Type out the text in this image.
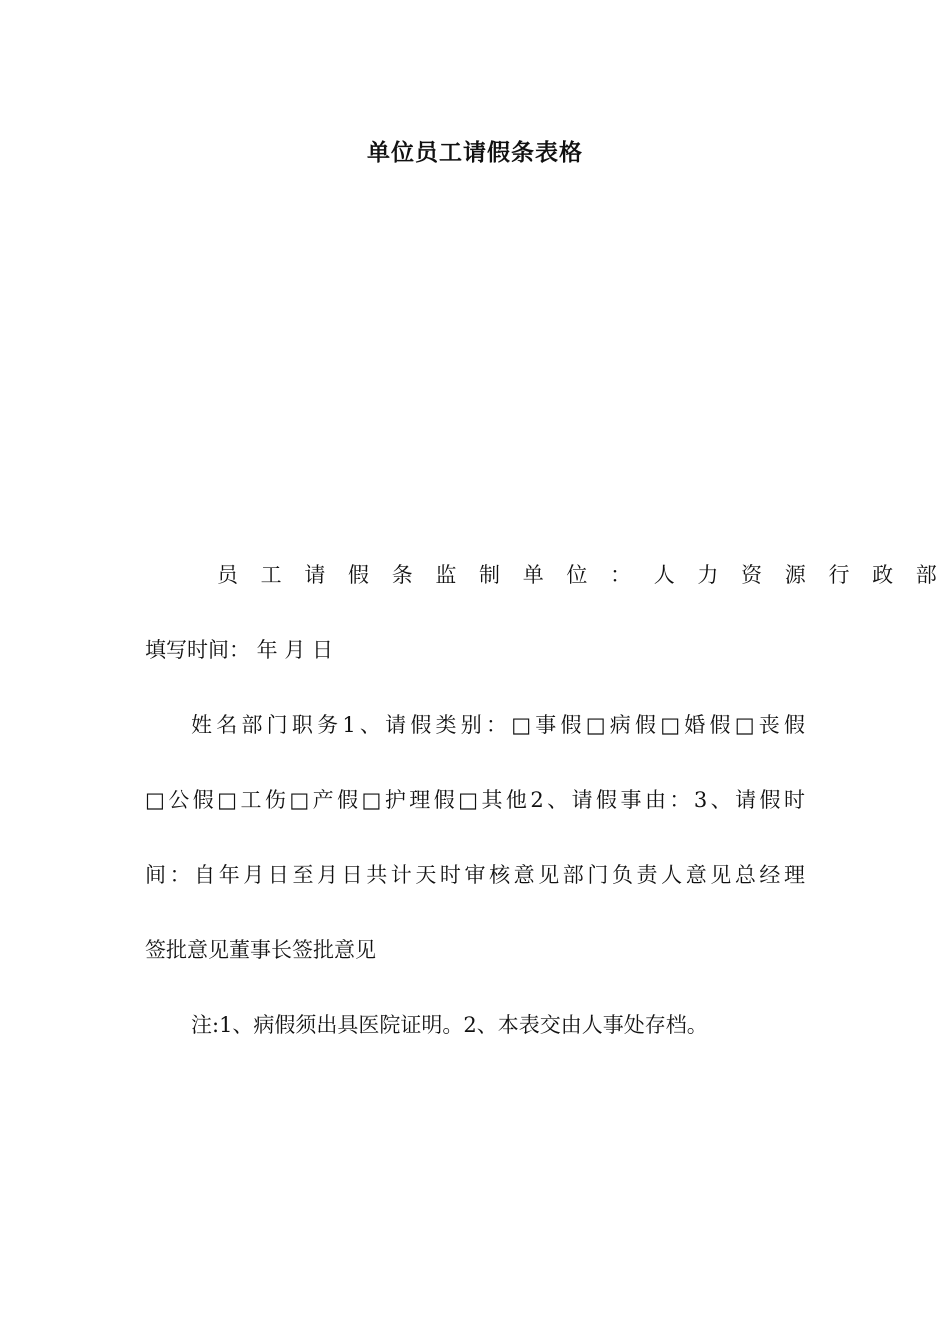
单位员工请假条表格
员 工 请 假 条 监 制 单 位 ： 人 力 资 源 行 政 部
填写时间： 年 月 日
姓名部门职务1、请假类别：□事假□病假□婚假□丧假
□公假□工伤□产假□护理假□其他2、请假事由：3、请假时
间：自年月日至月日共计天时审核意见部门负责人意见总经理
签批意见董事长签批意见
注:1、病假须出具医院证明。2、本表交由人事处存档。
